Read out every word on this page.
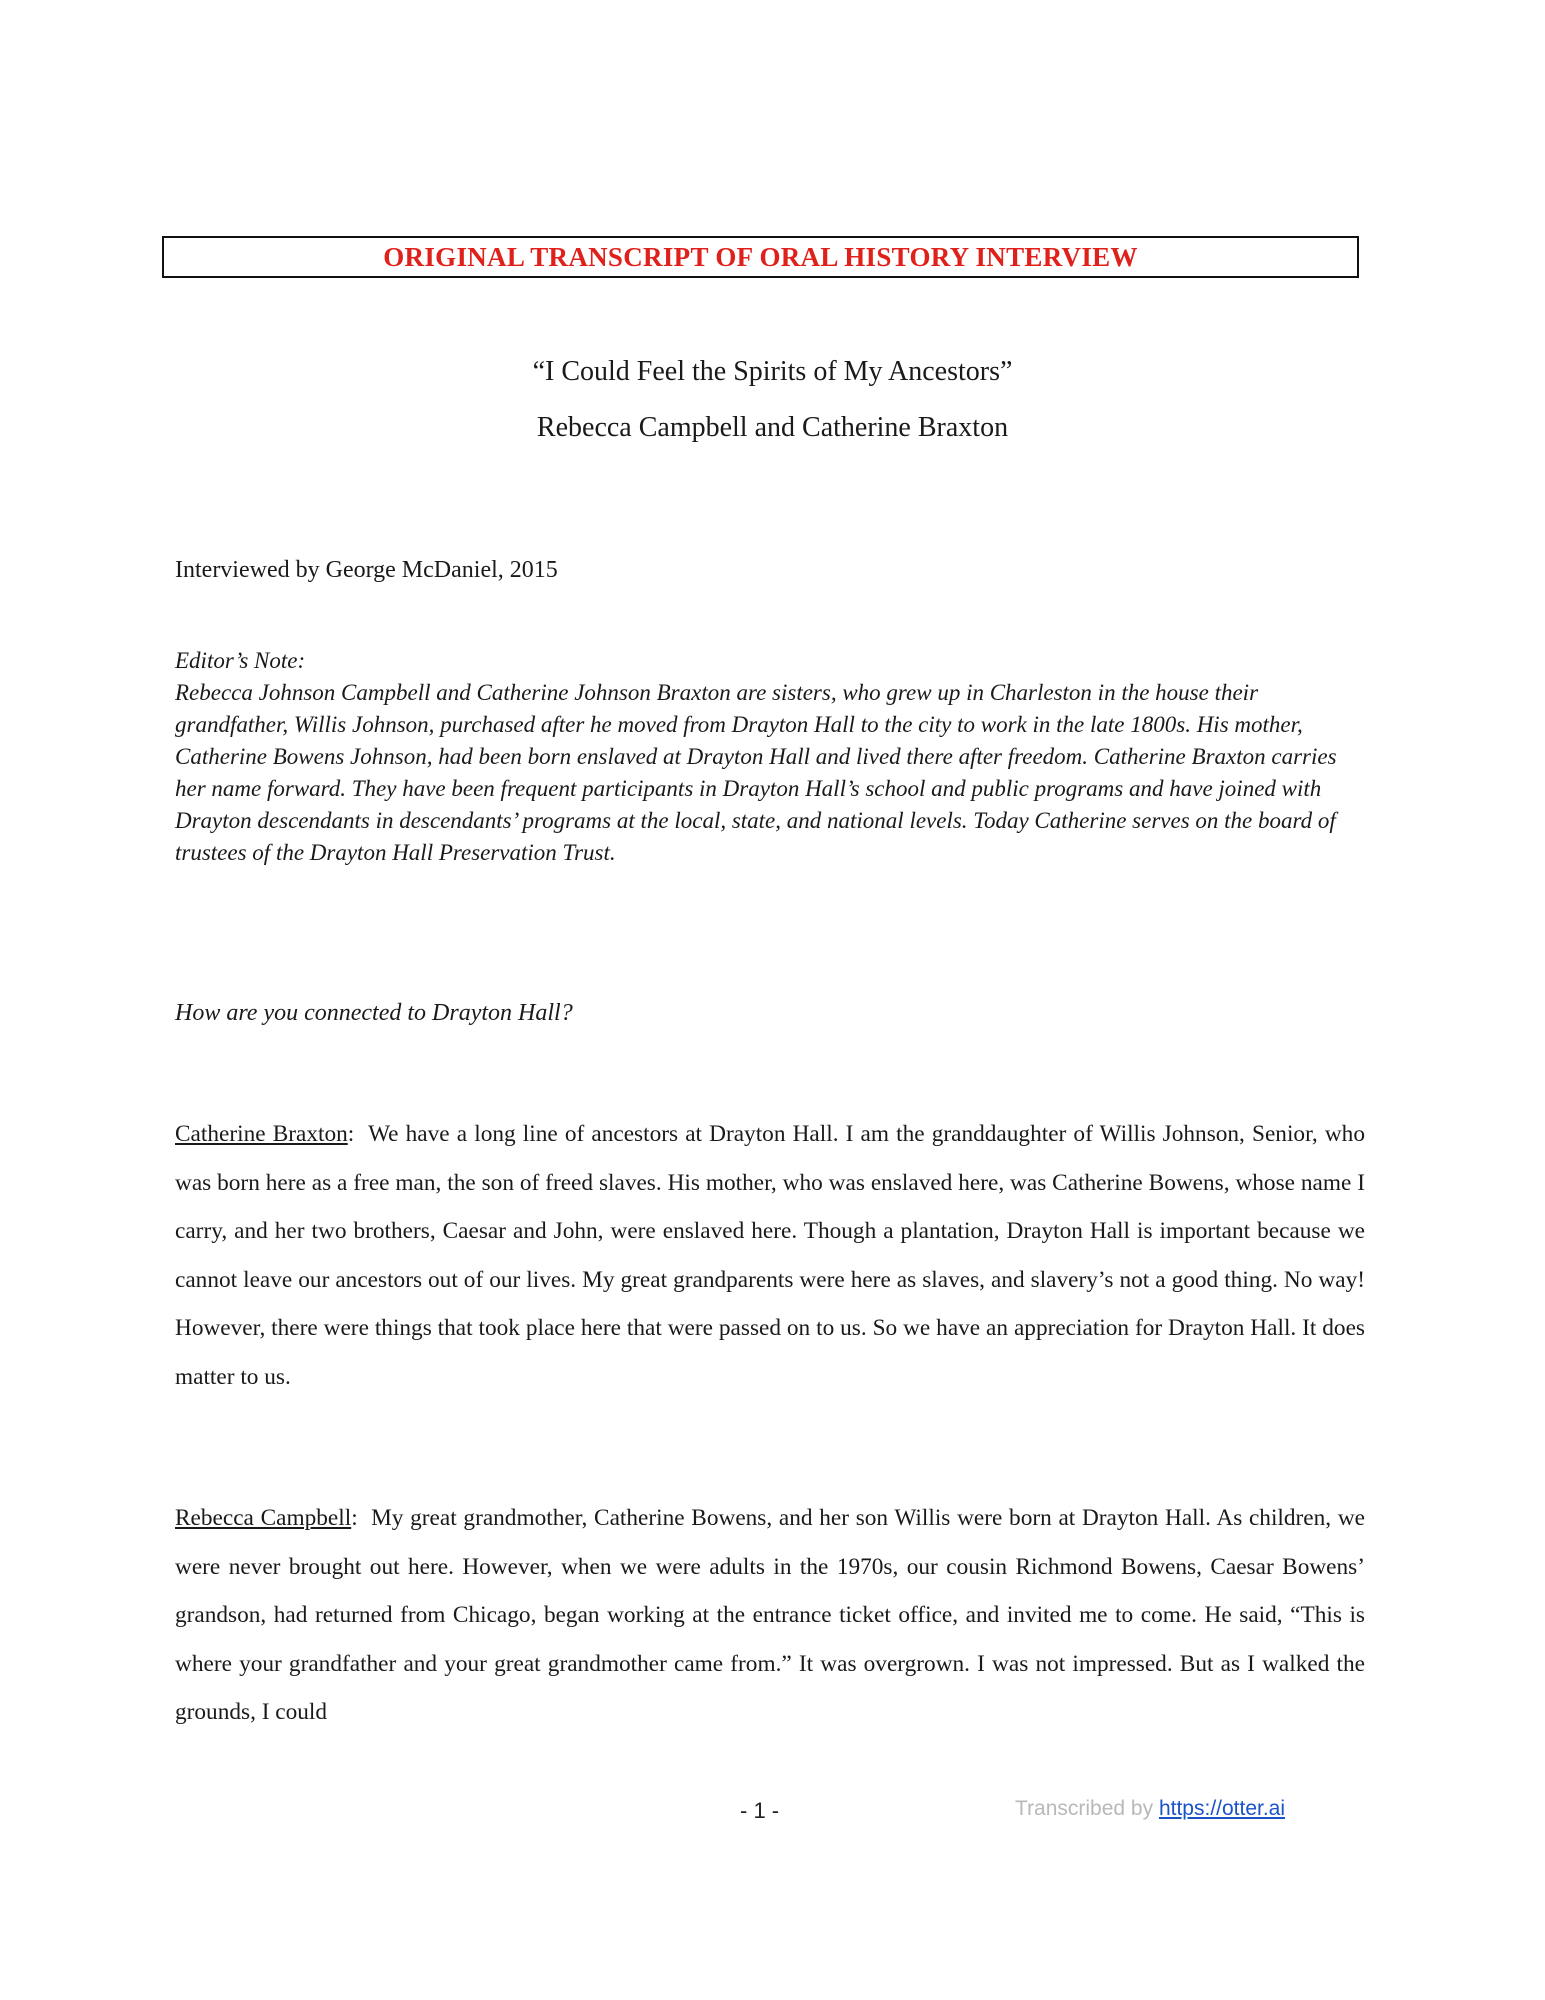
ORIGINAL TRANSCRIPT OF ORAL HISTORY INTERVIEW
“I Could Feel the Spirits of My Ancestors”
Rebecca Campbell and Catherine Braxton
Interviewed by George McDaniel, 2015

Editor’s Note:

Rebecca Johnson Campbell and Catherine Johnson Braxton are sisters, who grew up in Charleston in the house their grandfather, Willis Johnson, purchased after he moved from Drayton Hall to the city to work in the late 1800s. His mother, Catherine Bowens Johnson, had been born enslaved at Drayton Hall and lived there after freedom. Catherine Braxton carries her name forward. They have been frequent participants in Drayton Hall’s school and public programs and have joined with Drayton descendants in descendants’ programs at the local, state, and national levels. Today Catherine serves on the board of trustees of the Drayton Hall Preservation Trust.

How are you connected to Drayton Hall?
Catherine Braxton:  We have a long line of ancestors at Drayton Hall. I am the granddaughter of Willis Johnson, Senior, who was born here as a free man, the son of freed slaves. His mother, who was enslaved here, was Catherine Bowens, whose name I carry, and her two brothers, Caesar and John, were enslaved here. Though a plantation, Drayton Hall is important because we cannot leave our ancestors out of our lives. My great grandparents were here as slaves, and slavery’s not a good thing. No way! However, there were things that took place here that were passed on to us. So we have an appreciation for Drayton Hall. It does matter to us.
Rebecca Campbell:  My great grandmother, Catherine Bowens, and her son Willis were born at Drayton Hall. As children, we were never brought out here. However, when we were adults in the 1970s, our cousin Richmond Bowens, Caesar Bowens’ grandson, had returned from Chicago, began working at the entrance ticket office, and invited me to come. He said, “This is where your grandfather and your great grandmother came from.” It was overgrown. I was not impressed. But as I walked the grounds, I could
- 1 -	Transcribed by https://otter.ai
